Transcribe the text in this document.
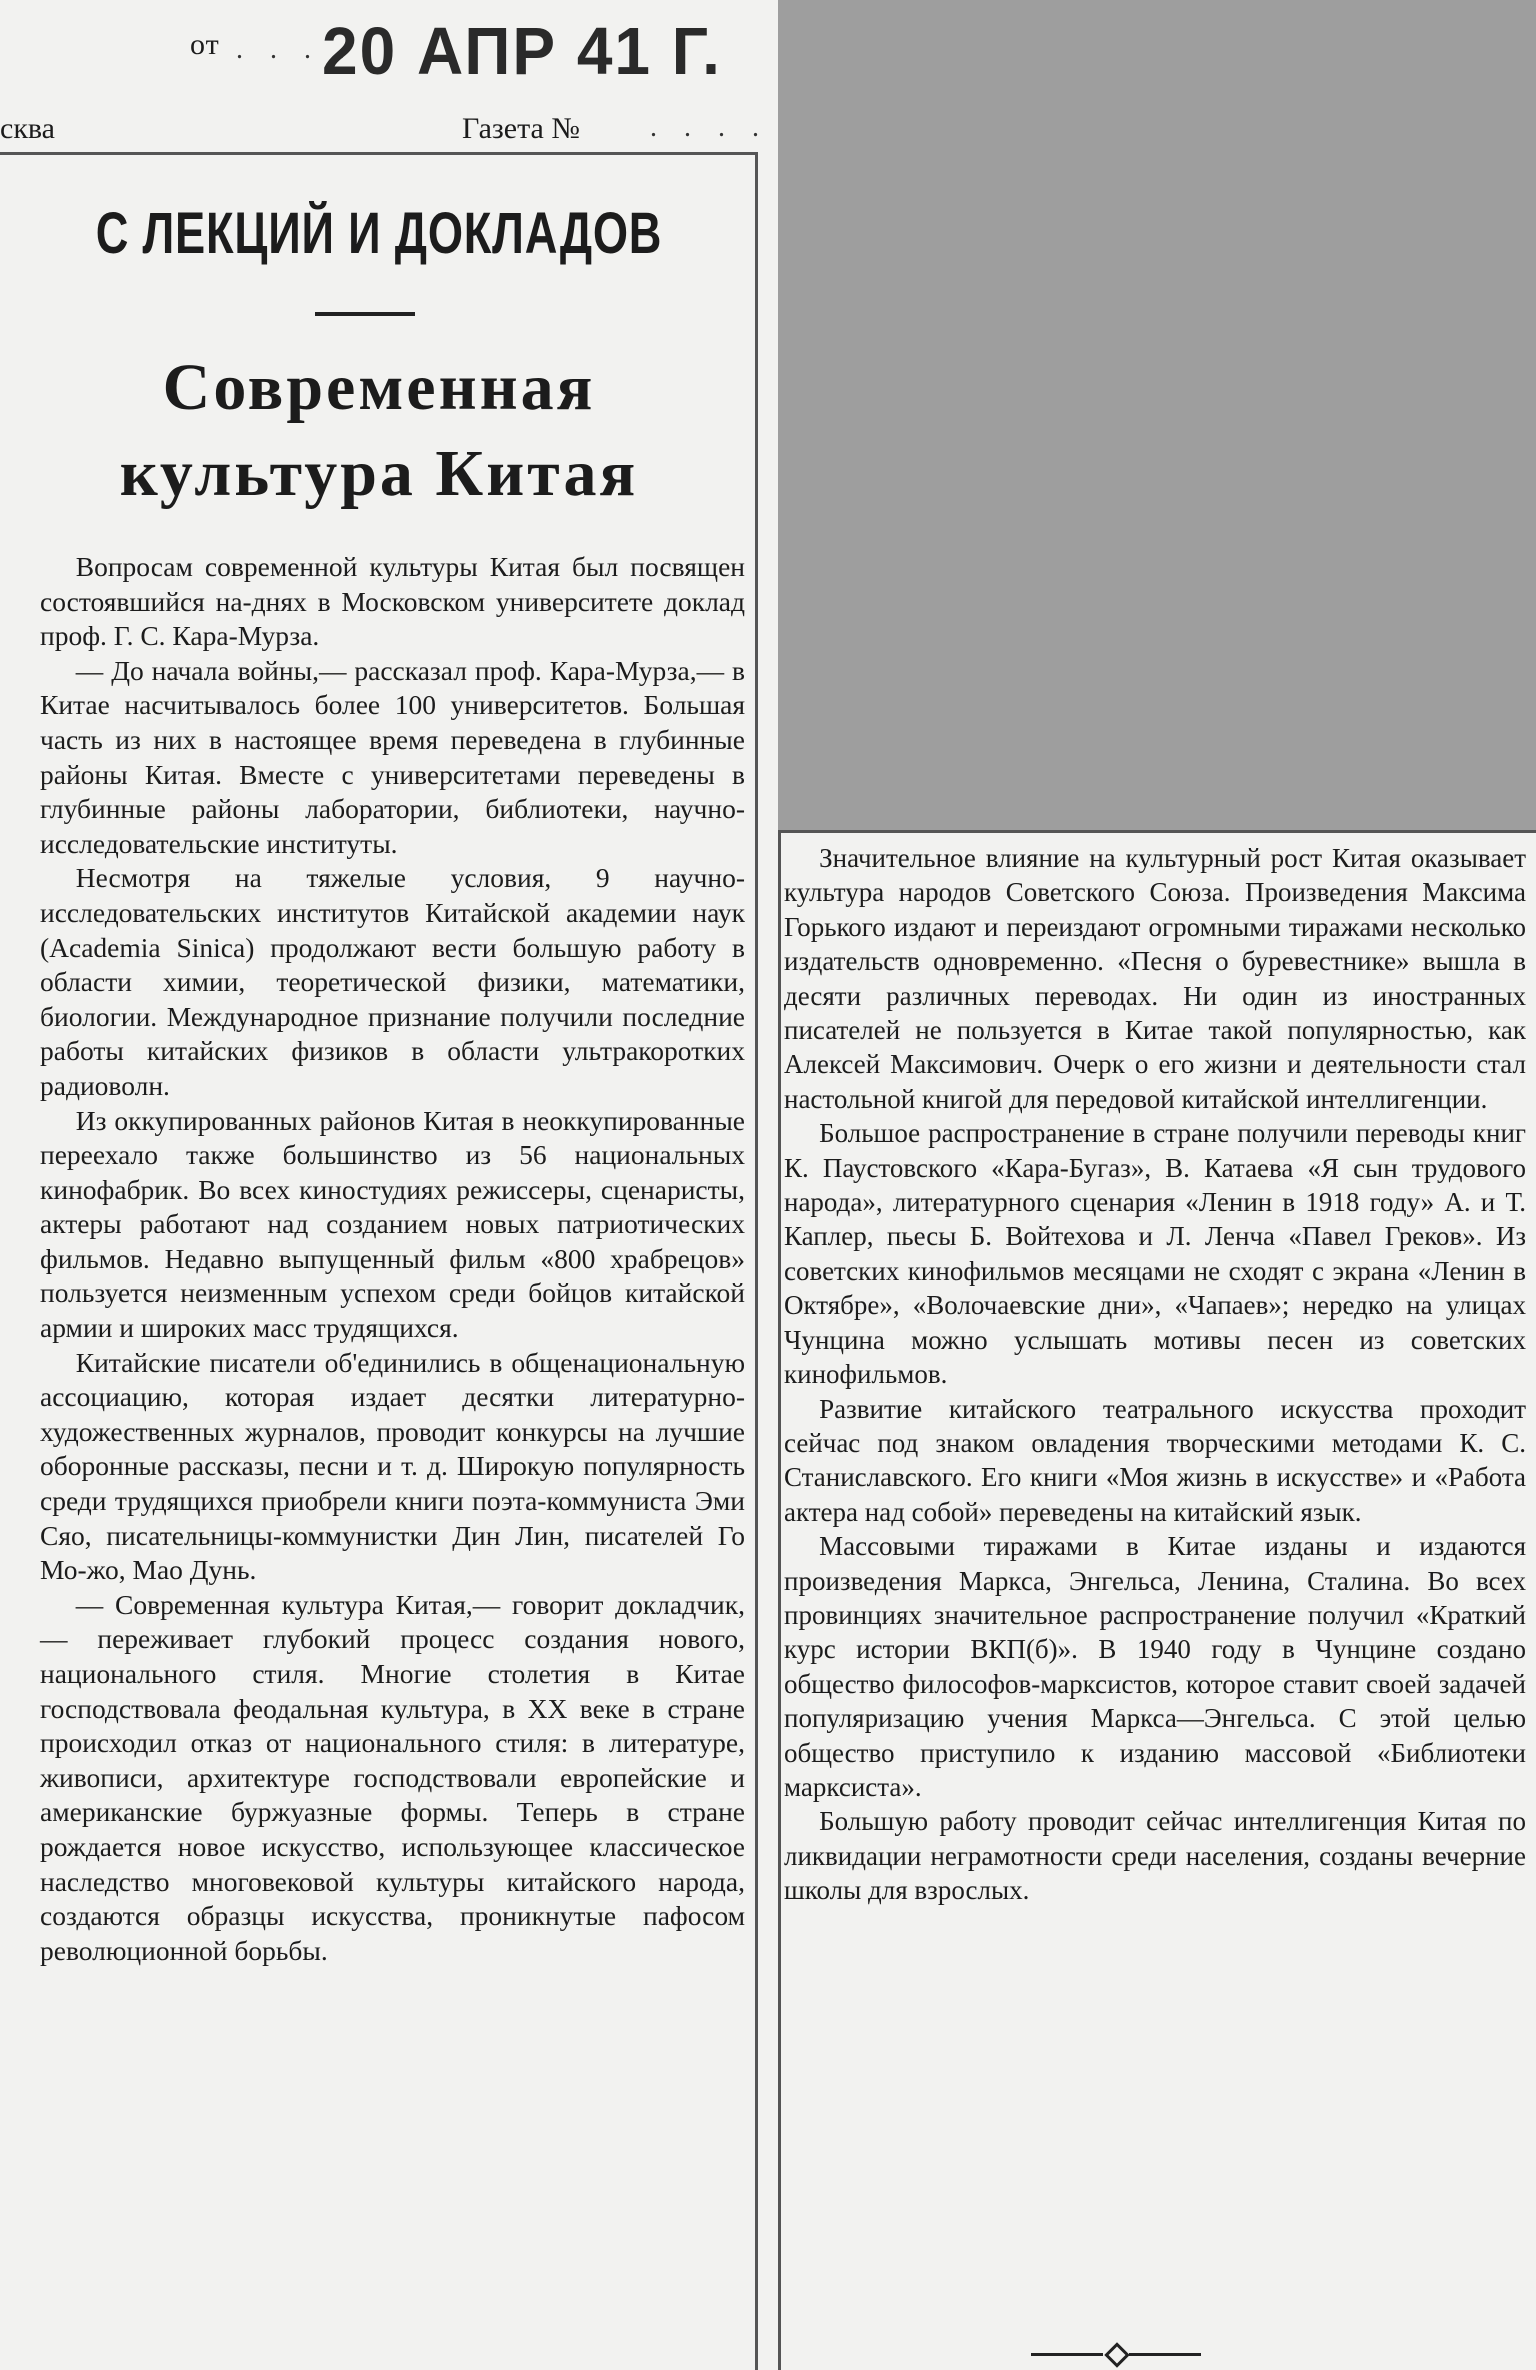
от . . . .
20 АПР 41 Г.
сква	Газета №	. . . .
С ЛЕКЦИЙ И ДОКЛАДОВ
Современная
культура Китая

Вопросам современной культуры Китая был посвящен состоявшийся на-днях в Московском университете доклад проф. Г. С. Кара-Мурза.

— До начала войны,— рассказал проф. Кара-Мурза,— в Китае насчитывалось более 100 университетов. Большая часть из них в настоящее время переведена в глубинные районы Китая. Вместе с университетами переведены в глубинные районы лаборатории, библиотеки, научно-исследовательские институты.

Несмотря на тяжелые условия, 9 научно-исследовательских институтов Китайской академии наук (Academia Sinica) продолжают вести большую работу в области химии, теоретической физики, математики, биологии. Международное признание получили последние работы китайских физиков в области ультракоротких радиоволн.

Из оккупированных районов Китая в неоккупированные переехало также большинство из 56 национальных кинофабрик. Во всех киностудиях режиссеры, сценаристы, актеры работают над созданием новых патриотических фильмов. Недавно выпущенный фильм «800 храбрецов» пользуется неизменным успехом среди бойцов китайской армии и широких масс трудящихся.

Китайские писатели об'единились в общенациональную ассоциацию, которая издает десятки литературно-художественных журналов, проводит конкурсы на лучшие оборонные рассказы, песни и т. д. Широкую популярность среди трудящихся приобрели книги поэта-коммуниста Эми Сяо, писательницы-коммунистки Дин Лин, писателей Го Мо-жо, Мао Дунь.

— Современная культура Китая,— говорит докладчик,— переживает глубокий процесс создания нового, национального стиля. Многие столетия в Китае господствовала феодальная культура, в XX веке в стране происходил отказ от национального стиля: в литературе, живописи, архитектуре господствовали европейские и американские буржуазные формы. Теперь в стране рождается новое искусство, использующее классическое наследство многовековой культуры китайского народа, создаются образцы искусства, проникнутые пафосом революционной борьбы.

Значительное влияние на культурный рост Китая оказывает культура народов Советского Союза. Произведения Максима Горького издают и переиздают огромными тиражами несколько издательств одновременно. «Песня о буревестнике» вышла в десяти различных переводах. Ни один из иностранных писателей не пользуется в Китае такой популярностью, как Алексей Максимович. Очерк о его жизни и деятельности стал настольной книгой для передовой китайской интеллигенции.

Большое распространение в стране получили переводы книг К. Паустовского «Кара-Бугаз», В. Катаева «Я сын трудового народа», литературного сценария «Ленин в 1918 году» А. и Т. Каплер, пьесы Б. Войтехова и Л. Ленча «Павел Греков». Из советских кинофильмов месяцами не сходят с экрана «Ленин в Октябре», «Волочаевские дни», «Чапаев»; нередко на улицах Чунцина можно услышать мотивы песен из советских кинофильмов.

Развитие китайского театрального искусства проходит сейчас под знаком овладения творческими методами К. С. Станиславского. Его книги «Моя жизнь в искусстве» и «Работа актера над собой» переведены на китайский язык.

Массовыми тиражами в Китае изданы и издаются произведения Маркса, Энгельса, Ленина, Сталина. Во всех провинциях значительное распространение получил «Краткий курс истории ВКП(б)». В 1940 году в Чунцине создано общество философов-марксистов, которое ставит своей задачей популяризацию учения Маркса—Энгельса. С этой целью общество приступило к изданию массовой «Библиотеки марксиста».

Большую работу проводит сейчас интеллигенция Китая по ликвидации неграмотности среди населения, созданы вечерние школы для взрослых.
